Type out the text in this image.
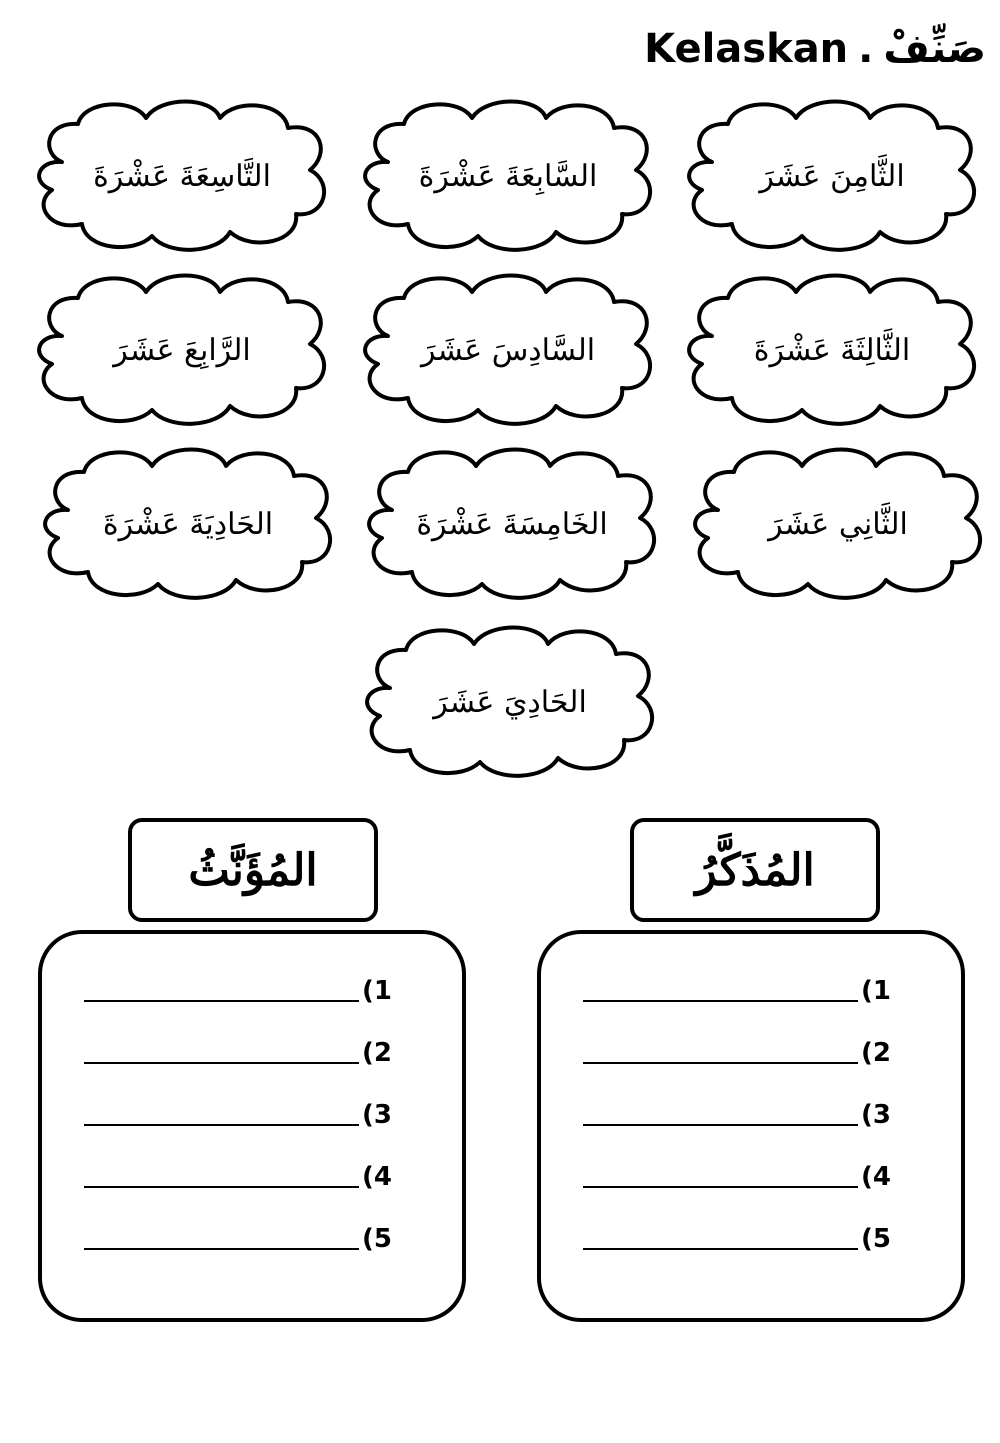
Kelaskan . صَنِّفْ
الثَّامِنَ عَشَرَ
السَّابِعَةَ عَشْرَةَ
التَّاسِعَةَ عَشْرَةَ
الثَّالِثَةَ عَشْرَةَ
السَّادِسَ عَشَرَ
الرَّابِعَ عَشَرَ
الثَّانِي عَشَرَ
الخَامِسَةَ عَشْرَةَ
الحَادِيَةَ عَشْرَةَ
الحَادِيَ عَشَرَ
المُذَكَّرُ
المُؤَنَّثُ
(1
(2
(3
(4
(5
(1
(2
(3
(4
(5
